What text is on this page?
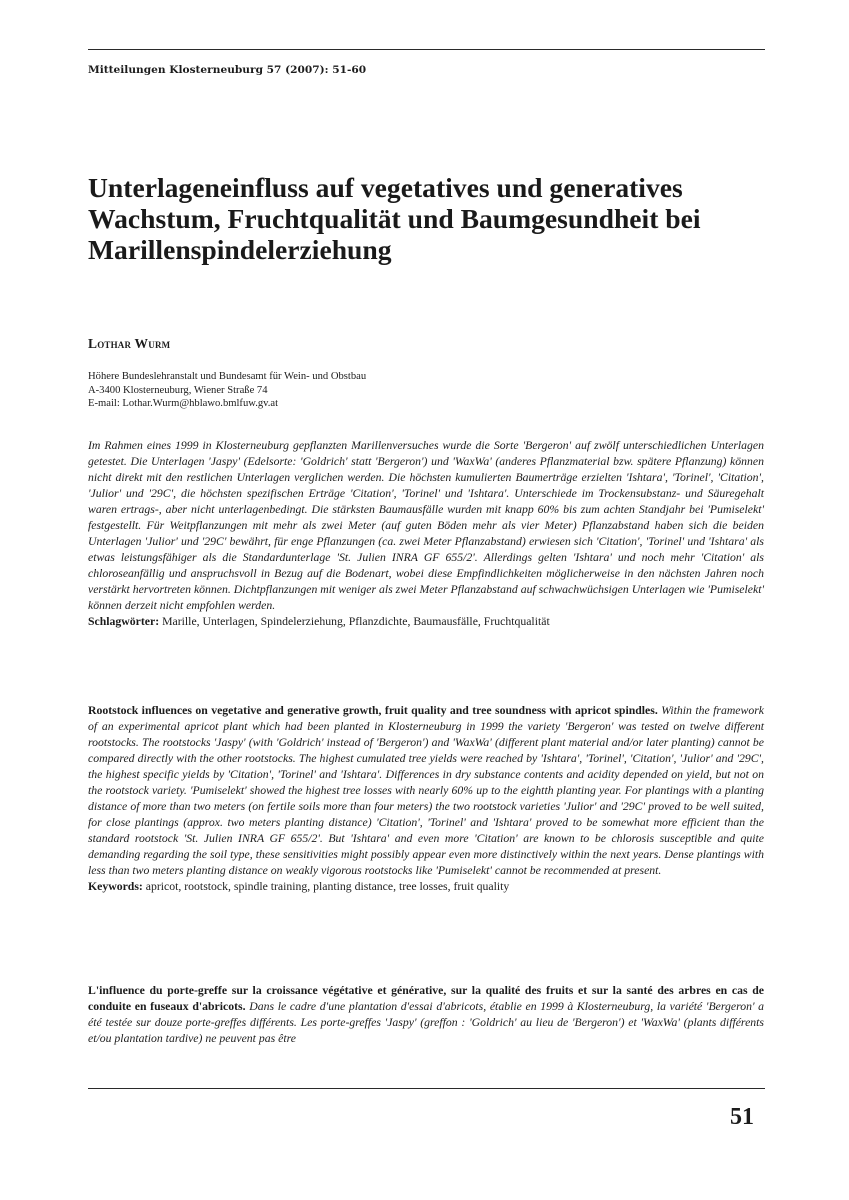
Mitteilungen Klosterneuburg 57 (2007): 51-60
Unterlageneinfluss auf vegetatives und generatives Wachstum, Fruchtqualität und Baumgesundheit bei Marillenspindelerziehung
Lothar Wurm
Höhere Bundeslehranstalt und Bundesamt für Wein- und Obstbau
A-3400 Klosterneuburg, Wiener Straße 74
E-mail: Lothar.Wurm@hblawo.bmlfuw.gv.at
Im Rahmen eines 1999 in Klosterneuburg gepflanzten Marillenversuches wurde die Sorte 'Bergeron' auf zwölf unterschiedlichen Unterlagen getestet. Die Unterlagen 'Jaspy' (Edelsorte: 'Goldrich' statt 'Bergeron') und 'WaxWa' (anderes Pflanzmaterial bzw. spätere Pflanzung) können nicht direkt mit den restlichen Unterlagen verglichen werden. Die höchsten kumulierten Baumerträge erzielten 'Ishtara', 'Torinel', 'Citation', 'Julior' und '29C', die höchsten spezifischen Erträge 'Citation', 'Torinel' und 'Ishtara'. Unterschiede im Trockensubstanz- und Säuregehalt waren ertrags-, aber nicht unterlagenbedingt. Die stärksten Baumausfälle wurden mit knapp 60% bis zum achten Standjahr bei 'Pumiselekt' festgestellt. Für Weitpflanzungen mit mehr als zwei Meter (auf guten Böden mehr als vier Meter) Pflanzabstand haben sich die beiden Unterlagen 'Julior' und '29C' bewährt, für enge Pflanzungen (ca. zwei Meter Pflanzabstand) erwiesen sich 'Citation', 'Torinel' und 'Ishtara' als etwas leistungsfähiger als die Standardunterlage 'St. Julien INRA GF 655/2'. Allerdings gelten 'Ishtara' und noch mehr 'Citation' als chloroseanfällig und anspruchsvoll in Bezug auf die Bodenart, wobei diese Empfindlichkeiten möglicherweise in den nächsten Jahren noch verstärkt hervortreten können. Dichtpflanzungen mit weniger als zwei Meter Pflanzabstand auf schwachwüchsigen Unterlagen wie 'Pumiselekt' können derzeit nicht empfohlen werden.
Schlagwörter: Marille, Unterlagen, Spindelerziehung, Pflanzdichte, Baumausfälle, Fruchtqualität
Rootstock influences on vegetative and generative growth, fruit quality and tree soundness with apricot spindles. Within the framework of an experimental apricot plant which had been planted in Klosterneuburg in 1999 the variety 'Bergeron' was tested on twelve different rootstocks. The rootstocks 'Jaspy' (with 'Goldrich' instead of 'Bergeron') and 'WaxWa' (different plant material and/or later planting) cannot be compared directly with the other rootstocks. The highest cumulated tree yields were reached by 'Ishtara', 'Torinel', 'Citation', 'Julior' and '29C', the highest specific yields by 'Citation', 'Torinel' and 'Ishtara'. Differences in dry substance contents and acidity depended on yield, but not on the rootstock variety. 'Pumiselekt' showed the highest tree losses with nearly 60% up to the eightth planting year. For plantings with a planting distance of more than two meters (on fertile soils more than four meters) the two rootstock varieties 'Julior' and '29C' proved to be well suited, for close plantings (approx. two meters planting distance) 'Citation', 'Torinel' and 'Ishtara' proved to be somewhat more efficient than the standard rootstock 'St. Julien INRA GF 655/2'. But 'Ishtara' and even more 'Citation' are known to be chlorosis susceptible and quite demanding regarding the soil type, these sensitivities might possibly appear even more distinctively within the next years. Dense plantings with less than two meters planting distance on weakly vigorous rootstocks like 'Pumiselekt' cannot be recommended at present.
Keywords: apricot, rootstock, spindle training, planting distance, tree losses, fruit quality
L'influence du porte-greffe sur la croissance végétative et générative, sur la qualité des fruits et sur la santé des arbres en cas de conduite en fuseaux d'abricots. Dans le cadre d'une plantation d'essai d'abricots, établie en 1999 à Klosterneuburg, la variété 'Bergeron' a été testée sur douze porte-greffes différents. Les porte-greffes 'Jaspy' (greffon : 'Goldrich' au lieu de 'Bergeron') et 'WaxWa' (plants différents et/ou plantation tardive) ne peuvent pas être
51
